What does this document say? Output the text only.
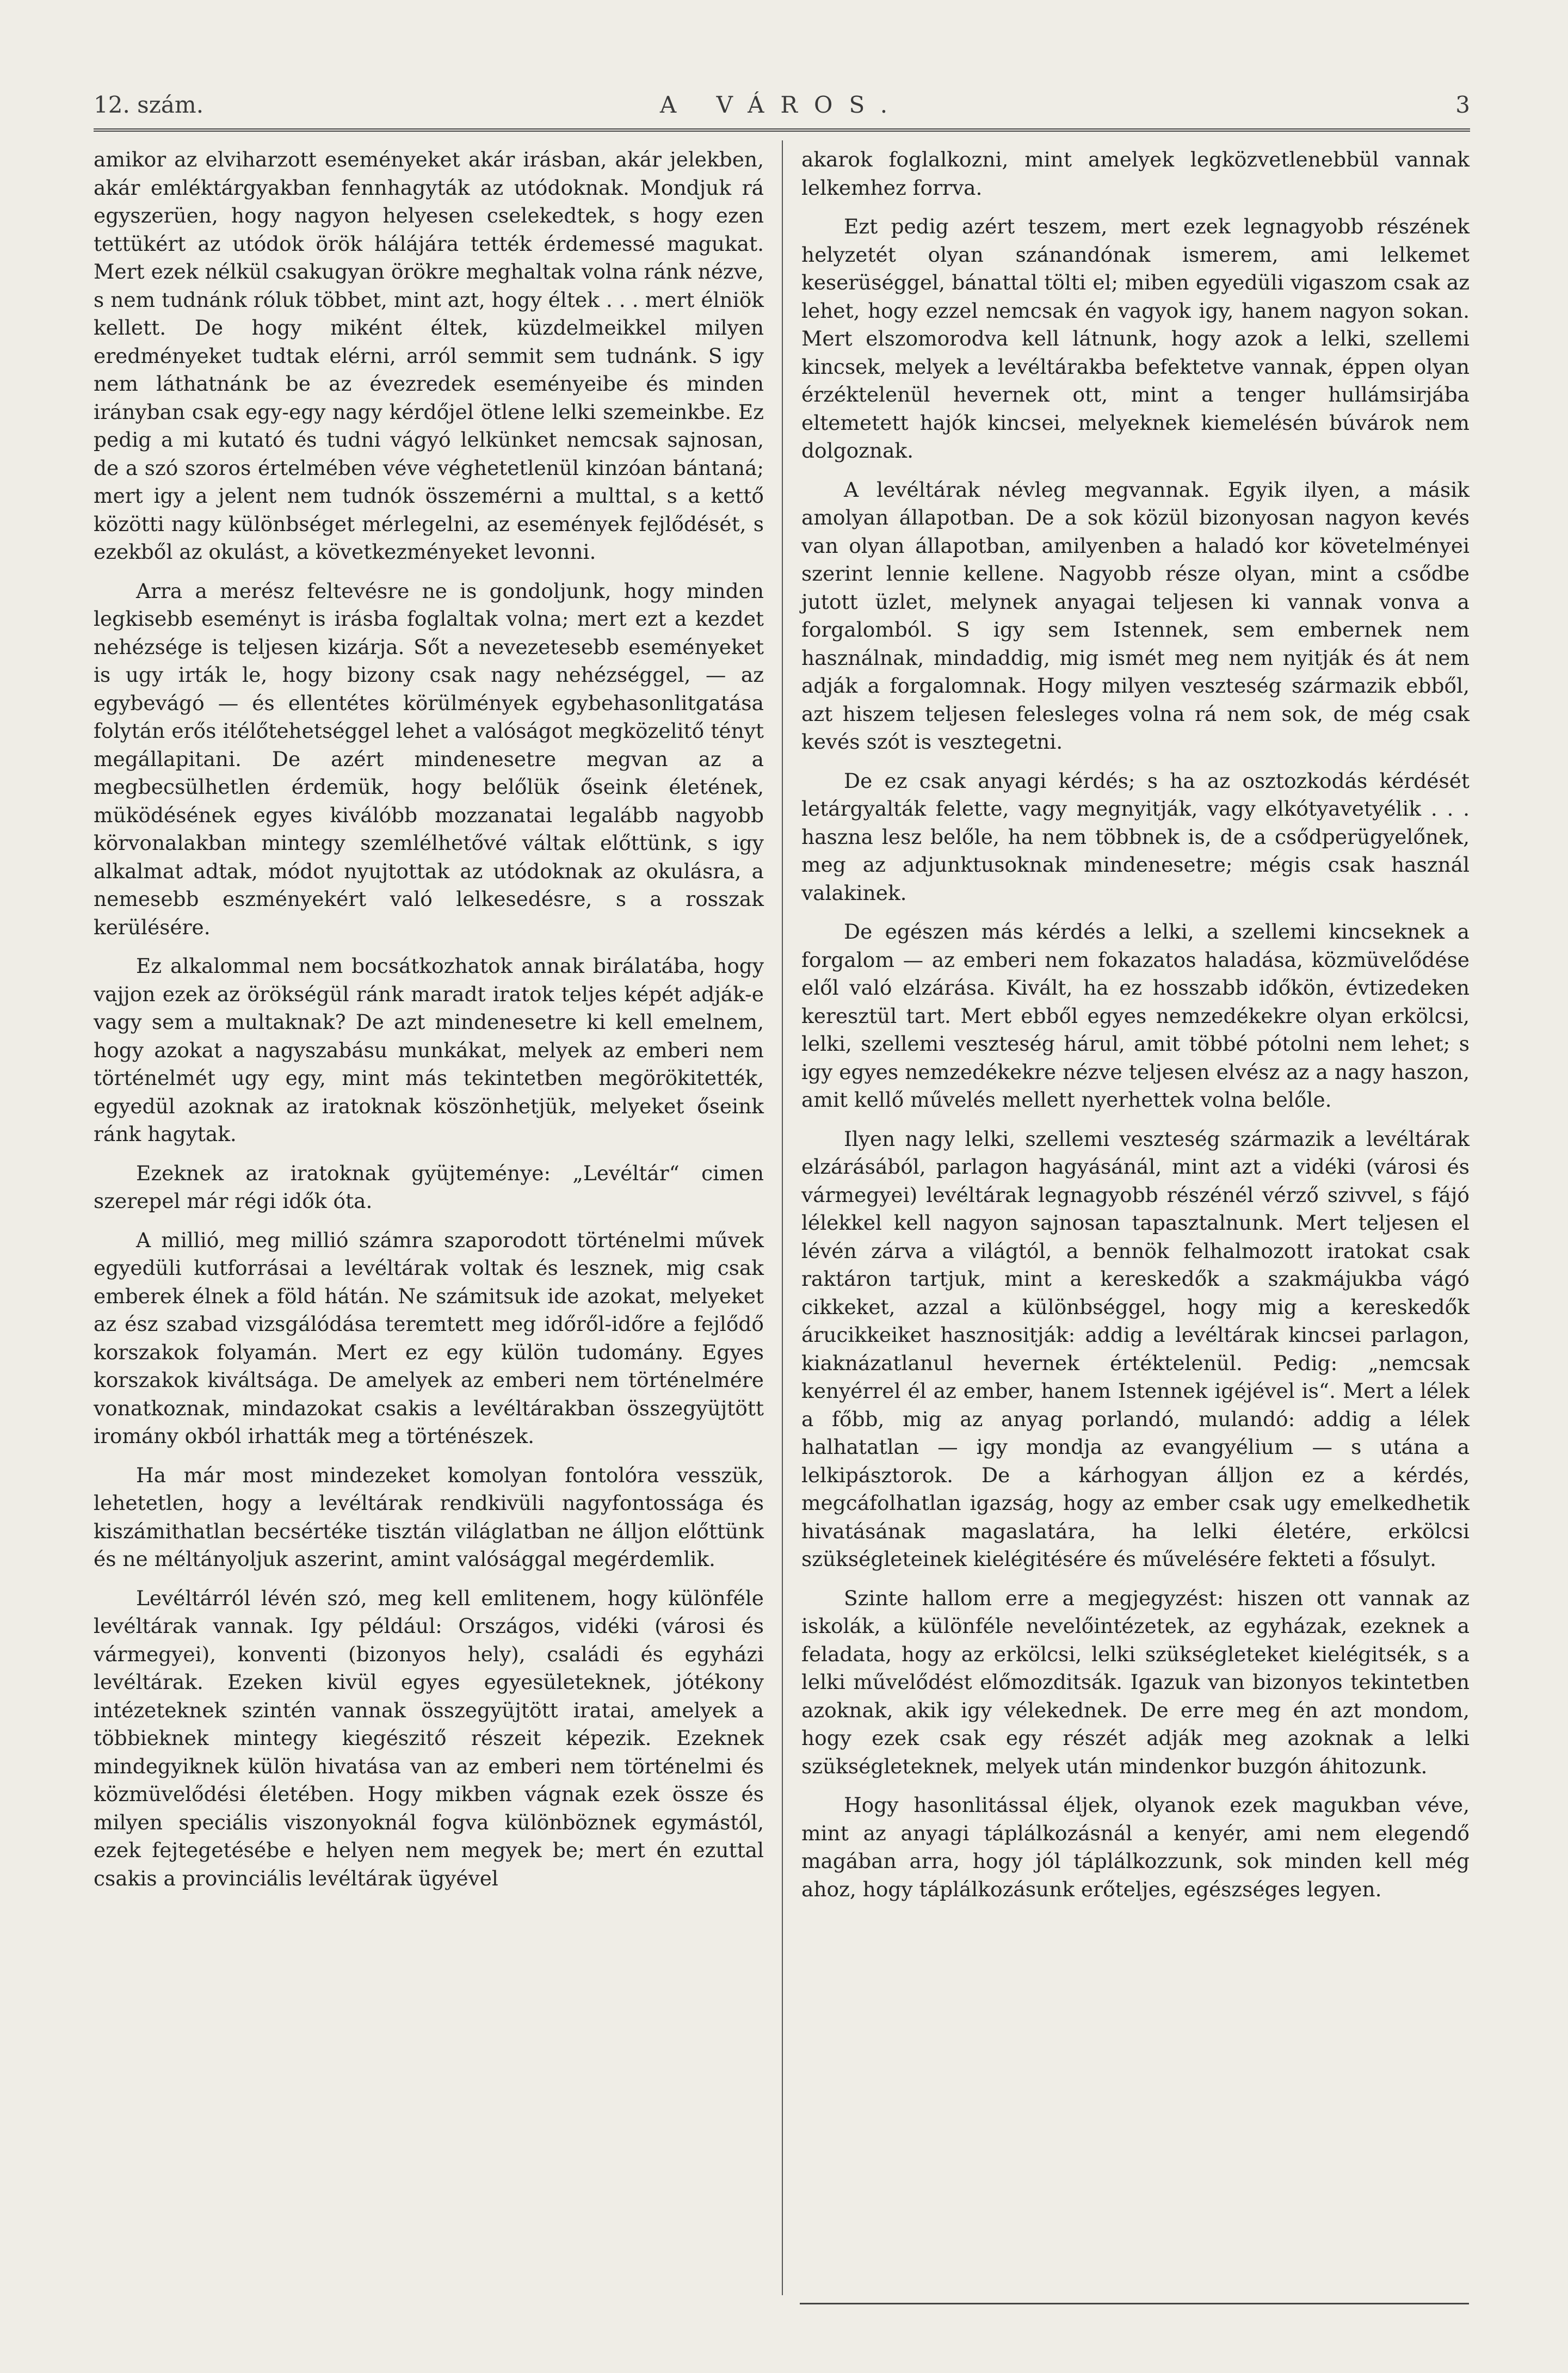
12. szám.	A VÁROS.	3

amikor az elviharzott eseményeket akár irásban, akár jelekben, akár emléktárgyakban fennhagyták az utódoknak. Mondjuk rá egyszerüen, hogy nagyon helyesen cselekedtek, s hogy ezen tettükért az utódok örök hálájára tették érdemessé magukat. Mert ezek nélkül csakugyan örökre meghaltak volna ránk nézve, s nem tudnánk róluk többet, mint azt, hogy éltek . . . mert élniök kellett. De hogy miként éltek, küzdelmeikkel milyen eredményeket tudtak elérni, arról semmit sem tudnánk. S igy nem láthatnánk be az évezredek eseményeibe és minden irányban csak egy-egy nagy kérdőjel ötlene lelki szemeinkbe. Ez pedig a mi kutató és tudni vágyó lelkünket nemcsak sajnosan, de a szó szoros értelmében véve véghetetlenül kinzóan bántaná; mert igy a jelent nem tudnók összemérni a multtal, s a kettő közötti nagy különbséget mérlegelni, az események fejlődését, s ezekből az okulást, a következményeket levonni.

Arra a merész feltevésre ne is gondoljunk, hogy minden legkisebb eseményt is irásba foglaltak volna; mert ezt a kezdet nehézsége is teljesen kizárja. Sőt a nevezetesebb eseményeket is ugy irták le, hogy bizony csak nagy nehézséggel, — az egybevágó — és ellentétes körülmények egybehasonlitgatása folytán erős itélőtehetséggel lehet a valóságot megközelitő tényt megállapitani. De azért mindenesetre megvan az a megbecsülhetlen érdemük, hogy belőlük őseink életének, müködésének egyes kiválóbb mozzanatai legalább nagyobb körvonalakban mintegy szemlélhetővé váltak előttünk, s igy alkalmat adtak, módot nyujtottak az utódoknak az okulásra, a nemesebb eszményekért való lelkesedésre, s a rosszak kerülésére.

Ez alkalommal nem bocsátkozhatok annak birálatába, hogy vajjon ezek az örökségül ránk maradt iratok teljes képét adják-e vagy sem a multaknak? De azt mindenesetre ki kell emelnem, hogy azokat a nagyszabásu munkákat, melyek az emberi nem történelmét ugy egy, mint más tekintetben megörökitették, egyedül azoknak az iratoknak köszönhetjük, melyeket őseink ránk hagytak.

Ezeknek az iratoknak gyüjteménye: „Levéltár“ cimen szerepel már régi idők óta.

A millió, meg millió számra szaporodott történelmi művek egyedüli kutforrásai a levéltárak voltak és lesznek, mig csak emberek élnek a föld hátán. Ne számitsuk ide azokat, melyeket az ész szabad vizsgálódása teremtett meg időről-időre a fejlődő korszakok folyamán. Mert ez egy külön tudomány. Egyes korszakok kiváltsága. De amelyek az emberi nem történelmére vonatkoznak, mindazokat csakis a levéltárakban összegyüjtött iromány okból irhatták meg a történészek.

Ha már most mindezeket komolyan fontolóra vesszük, lehetetlen, hogy a levéltárak rendkivüli nagyfontossága és kiszámithatlan becsértéke tisztán világlatban ne álljon előttünk és ne méltányoljuk aszerint, amint valósággal megérdemlik.

Levéltárról lévén szó, meg kell emlitenem, hogy különféle levéltárak vannak. Igy például: Országos, vidéki (városi és vármegyei), konventi (bizonyos hely), családi és egyházi levéltárak. Ezeken kivül egyes egyesületeknek, jótékony intézeteknek szintén vannak összegyüjtött iratai, amelyek a többieknek mintegy kiegészitő részeit képezik. Ezeknek mindegyiknek külön hivatása van az emberi nem történelmi és közmüvelődési életében. Hogy mikben vágnak ezek össze és milyen speciális viszonyoknál fogva különböznek egymástól, ezek fejtegetésébe e helyen nem megyek be; mert én ezuttal csakis a provinciális levéltárak ügyével

akarok foglalkozni, mint amelyek legközvetlenebbül vannak lelkemhez forrva.

Ezt pedig azért teszem, mert ezek legnagyobb részének helyzetét olyan szánandónak ismerem, ami lelkemet keserüséggel, bánattal tölti el; miben egyedüli vigaszom csak az lehet, hogy ezzel nemcsak én vagyok igy, hanem nagyon sokan. Mert elszomorodva kell látnunk, hogy azok a lelki, szellemi kincsek, melyek a levéltárakba befektetve vannak, éppen olyan érzéktelenül hevernek ott, mint a tenger hullámsirjába eltemetett hajók kincsei, melyeknek kiemelésén búvárok nem dolgoznak.

A levéltárak névleg megvannak. Egyik ilyen, a másik amolyan állapotban. De a sok közül bizonyosan nagyon kevés van olyan állapotban, amilyenben a haladó kor követelményei szerint lennie kellene. Nagyobb része olyan, mint a csődbe jutott üzlet, melynek anyagai teljesen ki vannak vonva a forgalomból. S igy sem Istennek, sem embernek nem használnak, mindaddig, mig ismét meg nem nyitják és át nem adják a forgalomnak. Hogy milyen veszteség származik ebből, azt hiszem teljesen felesleges volna rá nem sok, de még csak kevés szót is vesztegetni.

De ez csak anyagi kérdés; s ha az osztozkodás kérdését letárgyalták felette, vagy megnyitják, vagy elkótyavetyélik . . . haszna lesz belőle, ha nem többnek is, de a csődperügyelőnek, meg az adjunktusoknak mindenesetre; mégis csak használ valakinek.

De egészen más kérdés a lelki, a szellemi kincseknek a forgalom — az emberi nem fokazatos haladása, közmüvelődése elől való elzárása. Kivált, ha ez hosszabb időkön, évtizedeken keresztül tart. Mert ebből egyes nemzedékekre olyan erkölcsi, lelki, szellemi veszteség hárul, amit többé pótolni nem lehet; s igy egyes nemzedékekre nézve teljesen elvész az a nagy haszon, amit kellő művelés mellett nyerhettek volna belőle.

Ilyen nagy lelki, szellemi veszteség származik a levéltárak elzárásából, parlagon hagyásánál, mint azt a vidéki (városi és vármegyei) levéltárak legnagyobb részénél vérző szivvel, s fájó lélekkel kell nagyon sajnosan tapasztalnunk. Mert teljesen el lévén zárva a világtól, a bennök felhalmozott iratokat csak raktáron tartjuk, mint a kereskedők a szakmájukba vágó cikkeket, azzal a különbséggel, hogy mig a kereskedők árucikkeiket hasznositják: addig a levéltárak kincsei parlagon, kiaknázatlanul hevernek értéktelenül. Pedig: „nemcsak kenyérrel él az ember, hanem Istennek igéjével is“. Mert a lélek a főbb, mig az anyag porlandó, mulandó: addig a lélek halhatatlan — igy mondja az evangyélium — s utána a lelkipásztorok. De a kárhogyan álljon ez a kérdés, megcáfolhatlan igazság, hogy az ember csak ugy emelkedhetik hivatásának magaslatára, ha lelki életére, erkölcsi szükségleteinek kielégitésére és művelésére fekteti a fősulyt.

Szinte hallom erre a megjegyzést: hiszen ott vannak az iskolák, a különféle nevelőintézetek, az egyházak, ezeknek a feladata, hogy az erkölcsi, lelki szükségleteket kielégitsék, s a lelki művelődést előmozditsák. Igazuk van bizonyos tekintetben azoknak, akik igy vélekednek. De erre meg én azt mondom, hogy ezek csak egy részét adják meg azoknak a lelki szükségleteknek, melyek után mindenkor buzgón áhitozunk.

Hogy hasonlitással éljek, olyanok ezek magukban véve, mint az anyagi táplálkozásnál a kenyér, ami nem elegendő magában arra, hogy jól táplálkozzunk, sok minden kell még ahoz, hogy táplálkozásunk erőteljes, egészséges legyen.
